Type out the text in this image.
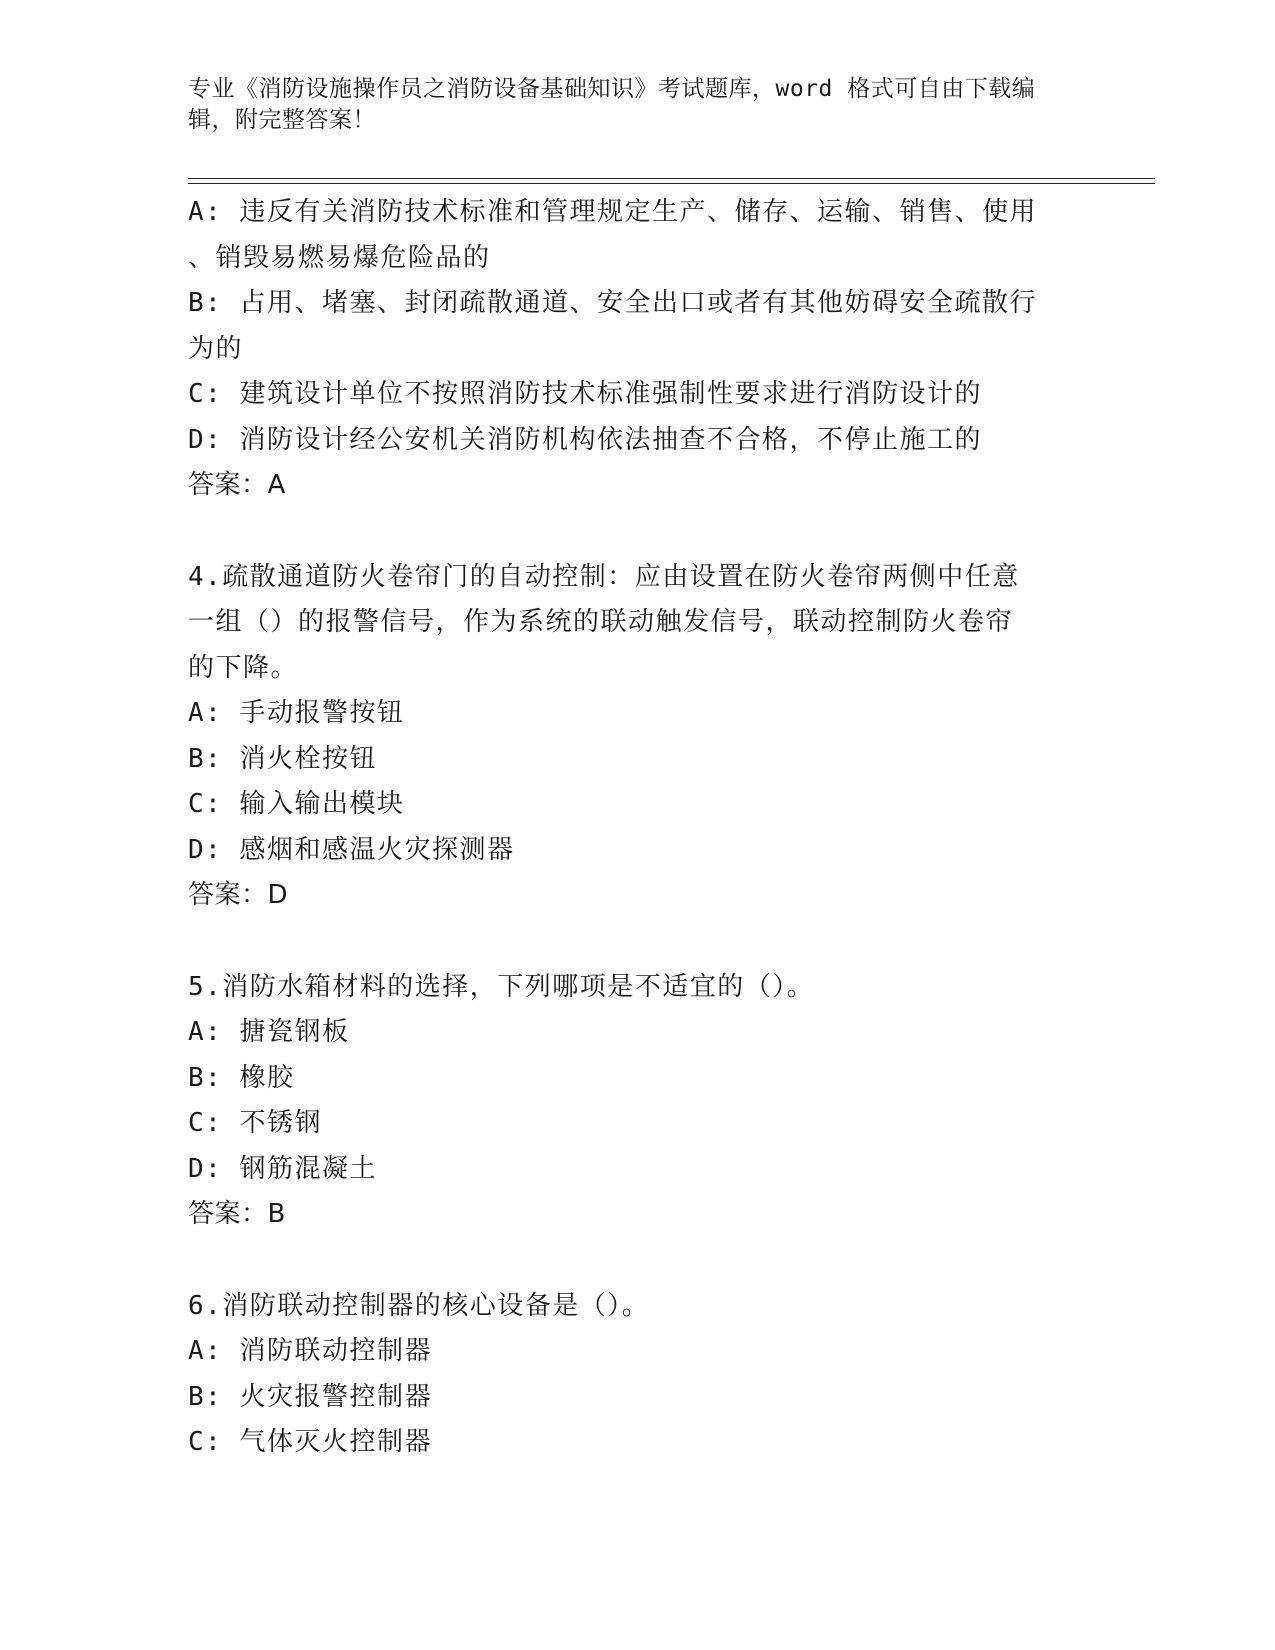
专业《消防设施操作员之消防设备基础知识》考试题库，word 格式可自由下载编
辑，附完整答案！
A: 违反有关消防技术标准和管理规定生产、储存、运输、销售、使用
、销毁易燃易爆危险品的
B: 占用、堵塞、封闭疏散通道、安全出口或者有其他妨碍安全疏散行
为的
C: 建筑设计单位不按照消防技术标准强制性要求进行消防设计的
D: 消防设计经公安机关消防机构依法抽查不合格，不停止施工的
答案：A
4.疏散通道防火卷帘门的自动控制：应由设置在防火卷帘两侧中任意
一组（）的报警信号，作为系统的联动触发信号，联动控制防火卷帘
的下降。
A: 手动报警按钮
B: 消火栓按钮
C: 输入输出模块
D: 感烟和感温火灾探测器
答案：D
5.消防水箱材料的选择，下列哪项是不适宜的（）。
A: 搪瓷钢板
B: 橡胶
C: 不锈钢
D: 钢筋混凝土
答案：B
6.消防联动控制器的核心设备是（）。
A: 消防联动控制器
B: 火灾报警控制器
C: 气体灭火控制器
